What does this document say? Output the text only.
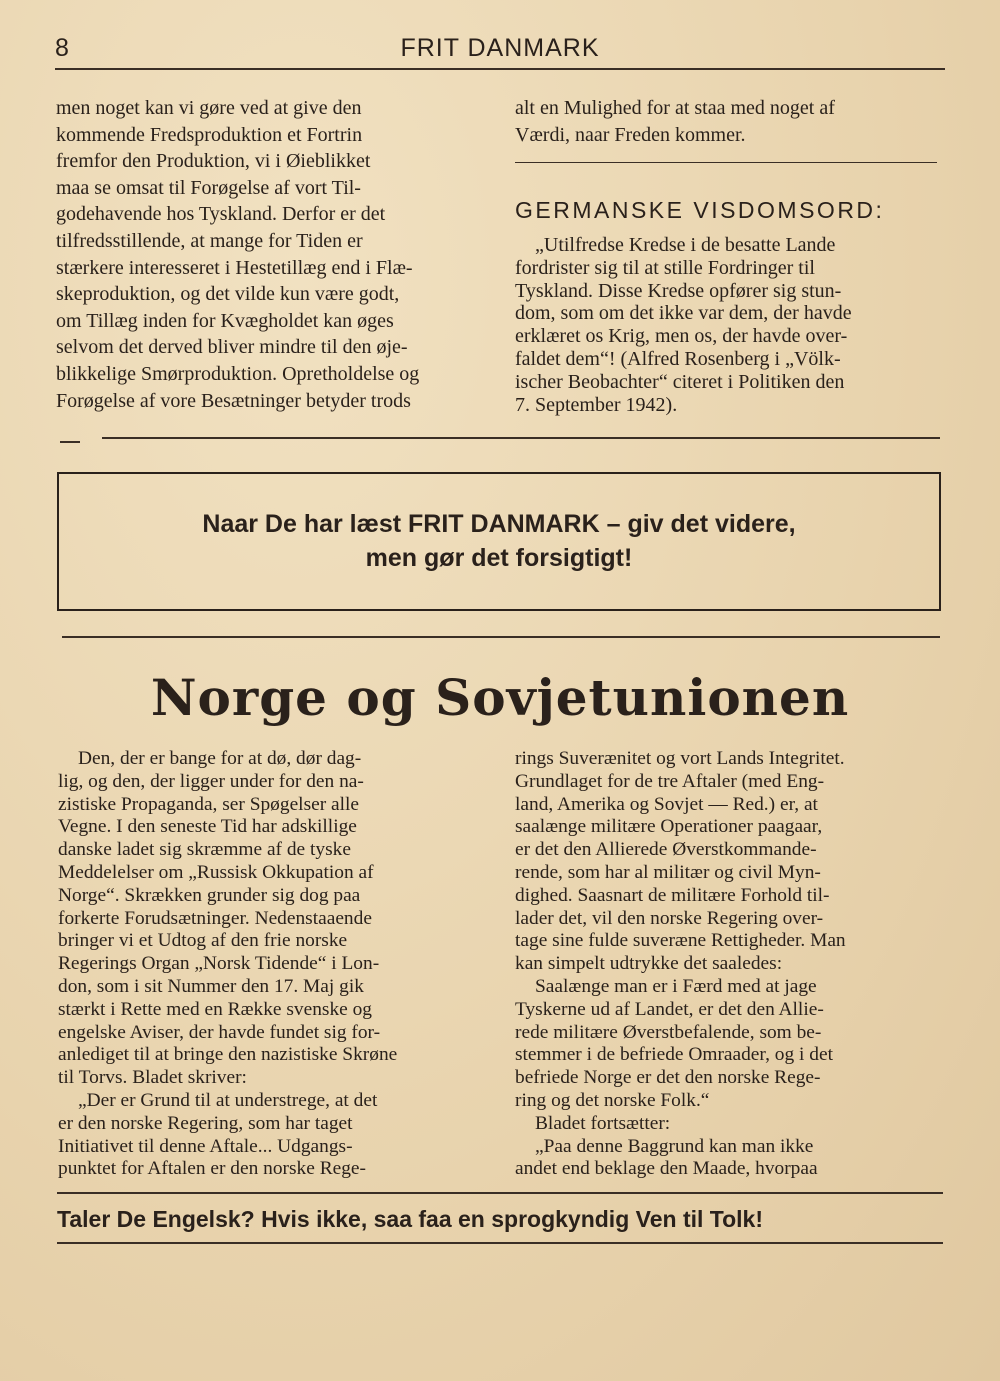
8	FRIT DANMARK

men noget kan vi gøre ved at give den

kommende Fredsproduktion et Fortrin

fremfor den Produktion, vi i Øieblikket

maa se omsat til Forøgelse af vort Til-

godehavende hos Tyskland. Derfor er det

tilfredsstillende, at mange for Tiden er

stærkere interesseret i Hestetillæg end i Flæ-

skeproduktion, og det vilde kun være godt,

om Tillæg inden for Kvægholdet kan øges

selvom det derved bliver mindre til den øje-

blikkelige Smørproduktion. Opretholdelse og

Forøgelse af vore Besætninger betyder trods

alt en Mulighed for at staa med noget af

Værdi, naar Freden kommer.

GERMANSKE VISDOMSORD:

„Utilfredse Kredse i de besatte Lande

fordrister sig til at stille Fordringer til

Tyskland. Disse Kredse opfører sig stun-

dom, som om det ikke var dem, der havde

erklæret os Krig, men os, der havde over-

faldet dem“! (Alfred Rosenberg i „Völk-

ischer Beobachter“ citeret i Politiken den

7. September 1942).

Naar De har læst FRIT DANMARK – giv det videre,
men gør det forsigtigt!
Norge og Sovjetunionen

Den, der er bange for at dø, dør dag-

lig, og den, der ligger under for den na-

zistiske Propaganda, ser Spøgelser alle

Vegne. I den seneste Tid har adskillige

danske ladet sig skræmme af de tyske

Meddelelser om „Russisk Okkupation af

Norge“. Skrækken grunder sig dog paa

forkerte Forudsætninger. Nedenstaaende

bringer vi et Udtog af den frie norske

Regerings Organ „Norsk Tidende“ i Lon-

don, som i sit Nummer den 17. Maj gik

stærkt i Rette med en Række svenske og

engelske Aviser, der havde fundet sig for-

anlediget til at bringe den nazistiske Skrøne

til Torvs. Bladet skriver:

„Der er Grund til at understrege, at det

er den norske Regering, som har taget

Initiativet til denne Aftale... Udgangs-

punktet for Aftalen er den norske Rege-

rings Suverænitet og vort Lands Integritet.

Grundlaget for de tre Aftaler (med Eng-

land, Amerika og Sovjet — Red.) er, at

saalænge militære Operationer paagaar,

er det den Allierede Øverstkommande-

rende, som har al militær og civil Myn-

dighed. Saasnart de militære Forhold til-

lader det, vil den norske Regering over-

tage sine fulde suveræne Rettigheder. Man

kan simpelt udtrykke det saaledes:

Saalænge man er i Færd med at jage

Tyskerne ud af Landet, er det den Allie-

rede militære Øverstbefalende, som be-

stemmer i de befriede Omraader, og i det

befriede Norge er det den norske Rege-

ring og det norske Folk.“

Bladet fortsætter:

„Paa denne Baggrund kan man ikke

andet end beklage den Maade, hvorpaa

Taler De Engelsk? Hvis ikke, saa faa en sprogkyndig Ven til Tolk!
